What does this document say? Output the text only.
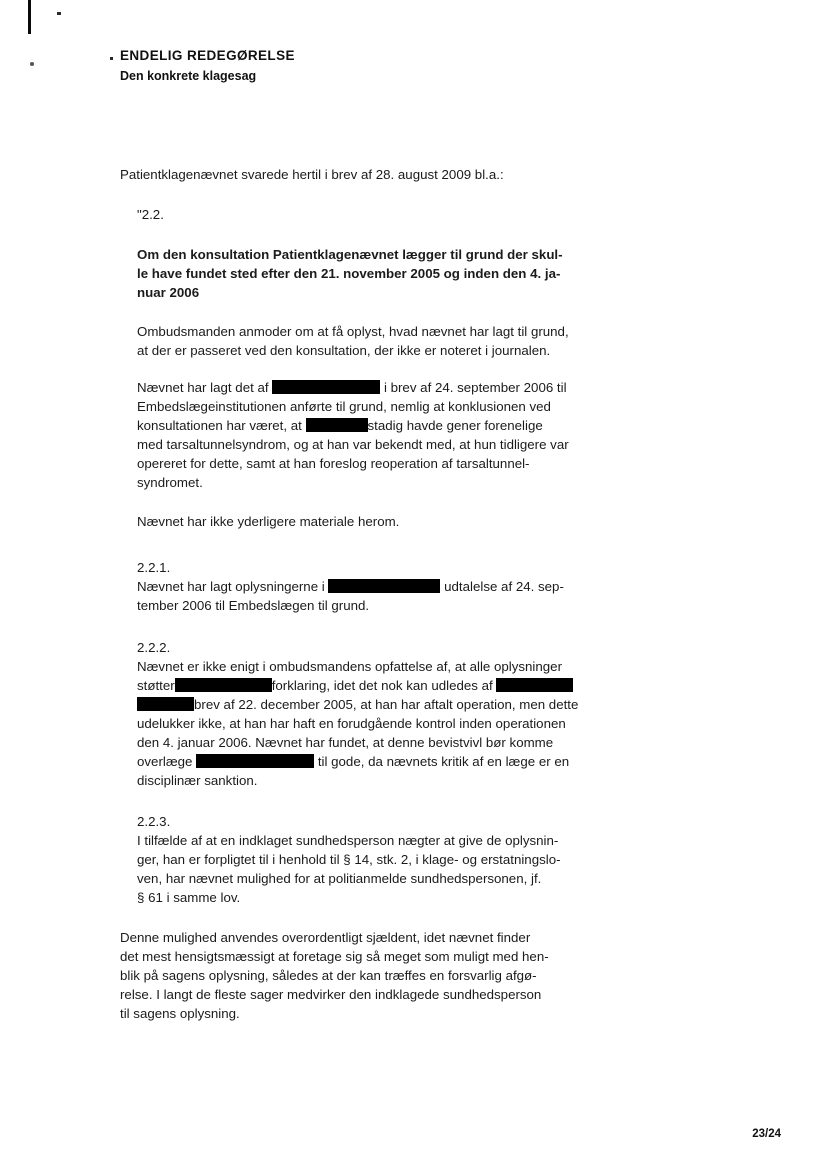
ENDELIG REDEGØRELSE
Den konkrete klagesag
Patientklagenævnet svarede hertil i brev af 28. august 2009 bl.a.:
"2.2.
Om den konsultation Patientklagenævnet lægger til grund der skul-
le have fundet sted efter den 21. november 2005 og inden den 4. ja-
nuar 2006
Ombudsmanden anmoder om at få oplyst, hvad nævnet har lagt til grund,
at der er passeret ved den konsultation, der ikke er noteret i journalen.
Nævnet har lagt det af	i brev af 24. september 2006 til
Embedslægeinstitutionen anførte til grund, nemlig at konklusionen ved
konsultationen har været, at	stadig havde gener forenelige
med tarsaltunnelsyndrom, og at han var bekendt med, at hun tidligere var
opereret for dette, samt at han foreslog reoperation af tarsaltunnel-
syndromet.
Nævnet har ikke yderligere materiale herom.
2.2.1.
Nævnet har lagt oplysningerne i	udtalelse af 24. sep-
tember 2006 til Embedslægen til grund.
2.2.2.
Nævnet er ikke enigt i ombudsmandens opfattelse af, at alle oplysninger
støtter	forklaring, idet det nok kan udledes af
brev af 22. december 2005, at han har aftalt operation, men dette
udelukker ikke, at han har haft en forudgående kontrol inden operationen
den 4. januar 2006. Nævnet har fundet, at denne bevistvivl bør komme
overlæge	til gode, da nævnets kritik af en læge er en
disciplinær sanktion.
2.2.3.
I tilfælde af at en indklaget sundhedsperson nægter at give de oplysnin-
ger, han er forpligtet til i henhold til § 14, stk. 2, i klage- og erstatningslo-
ven, har nævnet mulighed for at politianmelde sundhedspersonen, jf.
§ 61 i samme lov.
Denne mulighed anvendes overordentligt sjældent, idet nævnet finder
det mest hensigtsmæssigt at foretage sig så meget som muligt med hen-
blik på sagens oplysning, således at der kan træffes en forsvarlig afgø-
relse. I langt de fleste sager medvirker den indklagede sundhedsperson
til sagens oplysning.
23/24
